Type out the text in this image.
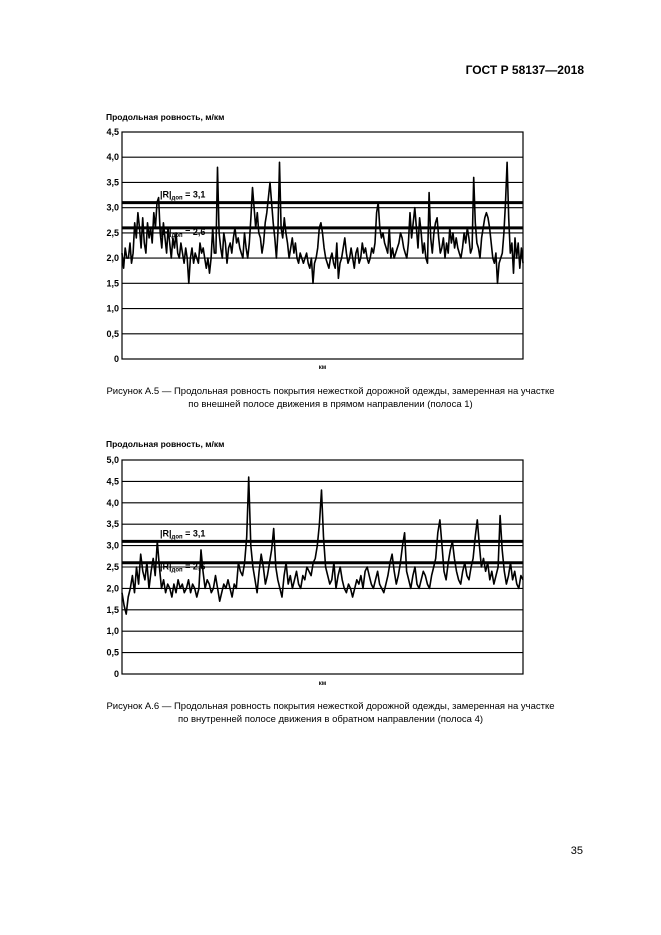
ГОСТ Р 58137—2018
Продольная ровность, м/км
0
0,5
1,0
1,5
2,0
2,5
3,0
3,5
4,0
4,5
$|R|_{доп} = 3,1$
$|R|_{доп} = 2,6$
км
Рисунок А.5 — Продольная ровность покрытия нежесткой дорожной одежды, замеренная на участке
по внешней полосе движения в прямом направлении (полоса 1)
Продольная ровность, м/км
0
0,5
1,0
1,5
2,0
2,5
3,0
3,5
4,0
4,5
5,0
$|R|_{доп} = 3,1$
$|R|_{доп} = 2,6$
км
Рисунок А.6 — Продольная ровность покрытия нежесткой дорожной одежды, замеренная на участке
по внутренней полосе движения в обратном направлении (полоса 4)
35
